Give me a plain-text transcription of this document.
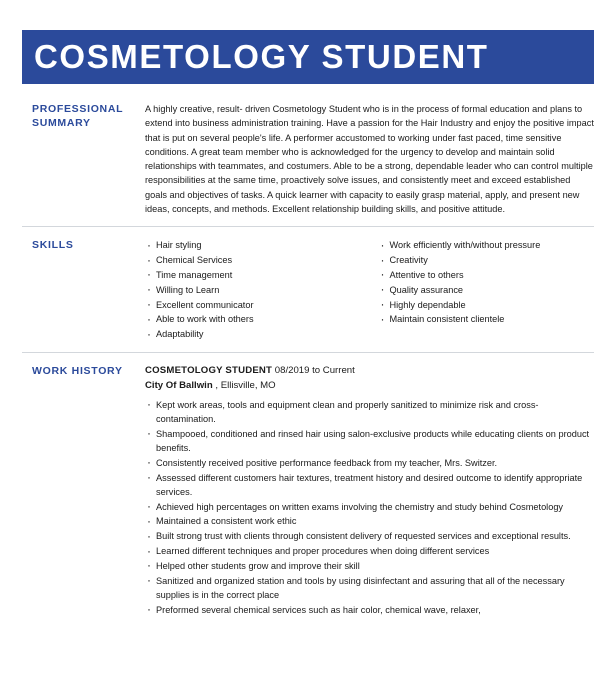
COSMETOLOGY STUDENT
PROFESSIONAL SUMMARY
A highly creative, result- driven Cosmetology Student who is in the process of formal education and plans to extend into business administration training. Have a passion for the Hair Industry and enjoy the positive impact that is put on several people's life. A performer accustomed to working under fast paced, time sensitive conditions. A great team member who is acknowledged for the urgency to develop and maintain solid relationships with teammates, and costumers. Able to be a strong, dependable leader who can control multiple responsibilities at the same time, proactively solve issues, and consistently meet and exceed established goals and objectives of tasks. A quick learner with capacity to easily grasp material, apply, and present new ideas, concepts, and methods. Excellent relationship building skills, and positive attitude.
SKILLS	· Hair styling
· Chemical Services
· Time management
· Willing to Learn
· Excellent communicator
· Able to work with others
· Adaptability
· Work efficiently with/without pressure
· Creativity
· Attentive to others
· Quality assurance
· Highly dependable
· Maintain consistent clientele
WORK HISTORY	COSMETOLOGY STUDENT 08/2019 to Current
City Of Ballwin , Ellisville, MO
· Kept work areas, tools and equipment clean and properly sanitized to minimize risk and cross-contamination.
· Shampooed, conditioned and rinsed hair using salon-exclusive products while educating clients on product benefits.
· Consistently received positive performance feedback from my teacher, Mrs. Switzer.
· Assessed different customers hair textures, treatment history and desired outcome to identify appropriate services.
· Achieved high percentages on written exams involving the chemistry and study behind Cosmetology
· Maintained a consistent work ethic
· Built strong trust with clients through consistent delivery of requested services and exceptional results.
· Learned different techniques and proper procedures when doing different services
· Helped other students grow and improve their skill
· Sanitized and organized station and tools by using disinfectant and assuring that all of the necessary supplies is in the correct place
· Preformed several chemical services such as hair color, chemical wave, relaxer,
